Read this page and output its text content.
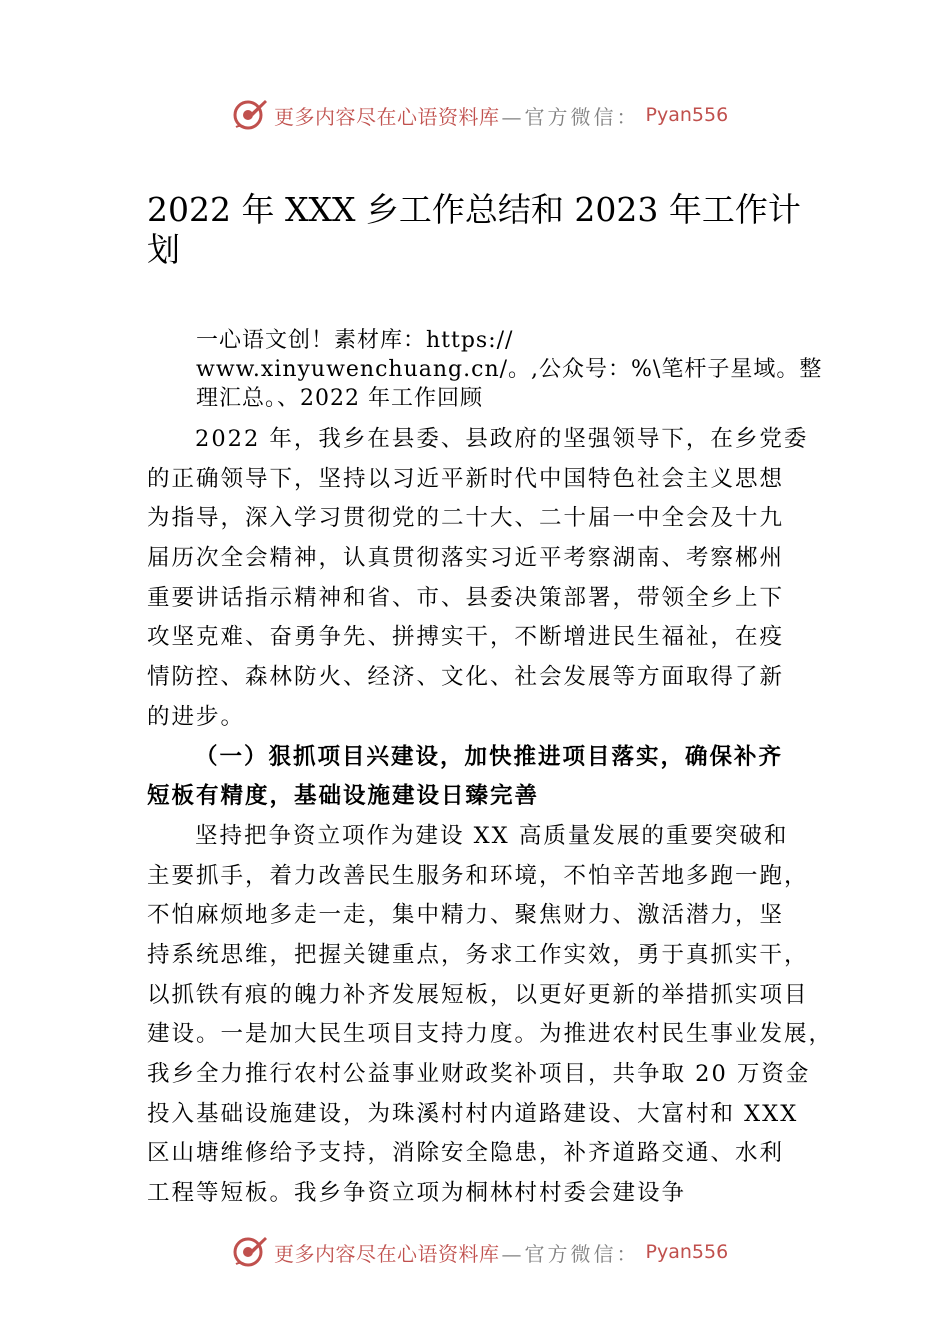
更多内容尽在心语资料库 —官方微信： Pyan556
2022 年 XXX 乡工作总结和 2023 年工作计
划
一心语文创！素材库：https://
www.xinyuwenchuang.cn/。,公众号：%\笔杆子星域。整
理汇总。、2022 年工作回顾
2022 年，我乡在县委、县政府的坚强领导下，在乡党委
的正确领导下，坚持以习近平新时代中国特色社会主义思想
为指导，深入学习贯彻党的二十大、二十届一中全会及十九
届历次全会精神，认真贯彻落实习近平考察湖南、考察郴州
重要讲话指示精神和省、市、县委决策部署，带领全乡上下
攻坚克难、奋勇争先、拼搏实干，不断增进民生福祉，在疫
情防控、森林防火、经济、文化、社会发展等方面取得了新
的进步。
（一）狠抓项目兴建设，加快推进项目落实，确保补齐
短板有精度，基础设施建设日臻完善
坚持把争资立项作为建设 XX 高质量发展的重要突破和
主要抓手，着力改善民生服务和环境，不怕辛苦地多跑一跑，
不怕麻烦地多走一走，集中精力、聚焦财力、激活潜力，坚
持系统思维，把握关键重点，务求工作实效，勇于真抓实干，
以抓铁有痕的魄力补齐发展短板，以更好更新的举措抓实项目
建设。一是加大民生项目支持力度。为推进农村民生事业发展，
我乡全力推行农村公益事业财政奖补项目，共争取 20 万资金
投入基础设施建设，为珠溪村村内道路建设、大富村和 XXX
区山塘维修给予支持，消除安全隐患，补齐道路交通、水利
工程等短板。我乡争资立项为桐林村村委会建设争
更多内容尽在心语资料库 —官方微信： Pyan556
